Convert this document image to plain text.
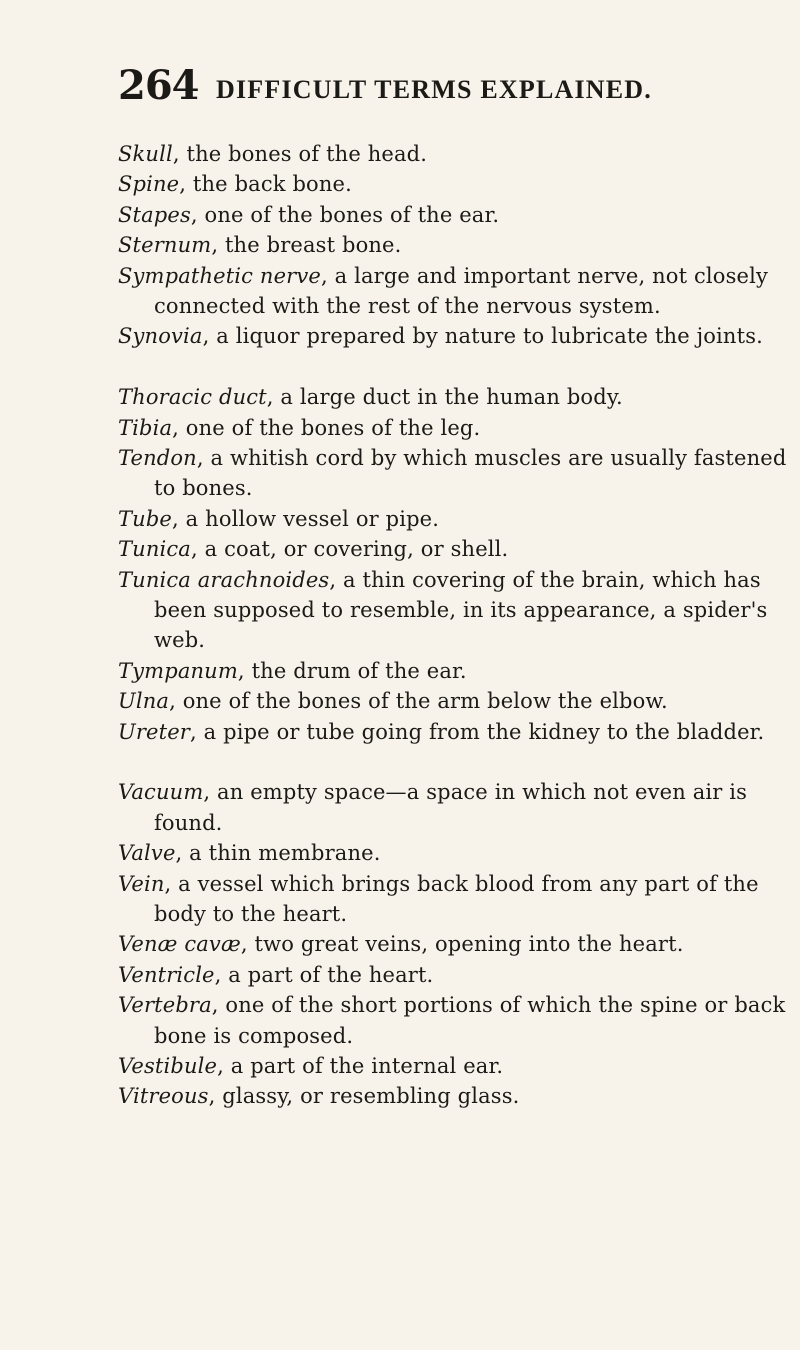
264 DIFFICULT TERMS EXPLAINED.
Skull, the bones of the head.
Spine, the back bone.
Stapes, one of the bones of the ear.
Sternum, the breast bone.
Sympathetic nerve, a large and important nerve, not closely connected with the rest of the nervous system.
Synovia, a liquor prepared by nature to lubricate the joints.
Thoracic duct, a large duct in the human body.
Tibia, one of the bones of the leg.
Tendon, a whitish cord by which muscles are usually fastened to bones.
Tube, a hollow vessel or pipe.
Tunica, a coat, or covering, or shell.
Tunica arachnoides, a thin covering of the brain, which has been supposed to resemble, in its appearance, a spider's web.
Tympanum, the drum of the ear.
Ulna, one of the bones of the arm below the elbow.
Ureter, a pipe or tube going from the kidney to the bladder.
Vacuum, an empty space—a space in which not even air is found.
Valve, a thin membrane.
Vein, a vessel which brings back blood from any part of the body to the heart.
Venæ cavæ, two great veins, opening into the heart.
Ventricle, a part of the heart.
Vertebra, one of the short portions of which the spine or back bone is composed.
Vestibule, a part of the internal ear.
Vitreous, glassy, or resembling glass.
